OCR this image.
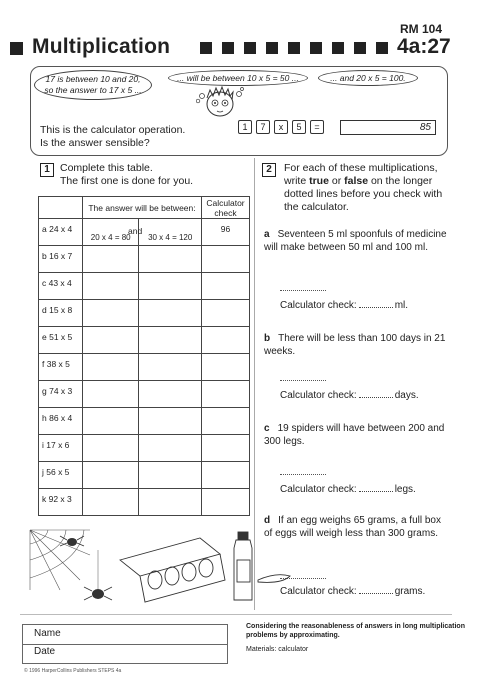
RM 104
Multiplication	4a:27
17 is between 10 and 20, so the answer to 17 x 5 ...
... will be between 10 x 5 = 50 ...	... and 20 x 5 = 100.
This is the calculator operation.
Is the answer sensible?
1	7	x	5	=	85
1 Complete this table.
The first one is done for you.
	The answer will be between:		Calculator check
a 24 x 4	20 x 4 = 80	30 x 4 = 120	96
b 16 x 7			
c 43 x 4			
d 15 x 8			
e 51 x 5			
f 38 x 5			
g 74 x 3			
h 86 x 4			
i 17 x 6			
j 56 x 5			
k 92 x 3			
2	For each of these multiplications, write true or false on the longer dotted lines before you check with the calculator.
a Seventeen 5 ml spoonfuls of medicine will make between 50 ml and 100 ml.
Calculator check:	ml.
b There will be less than 100 days in 21 weeks.
Calculator check:	days.
c 19 spiders will have between 200 and 300 legs.
Calculator check:	legs.
d If an egg weighs 65 grams, a full box of eggs will weigh less than 300 grams.
Calculator check:	grams.
Name
Date
Considering the reasonableness of answers in long multiplication problems by approximating.
Materials: calculator
© 1996 HarperCollins Publishers STEPS 4a
and
